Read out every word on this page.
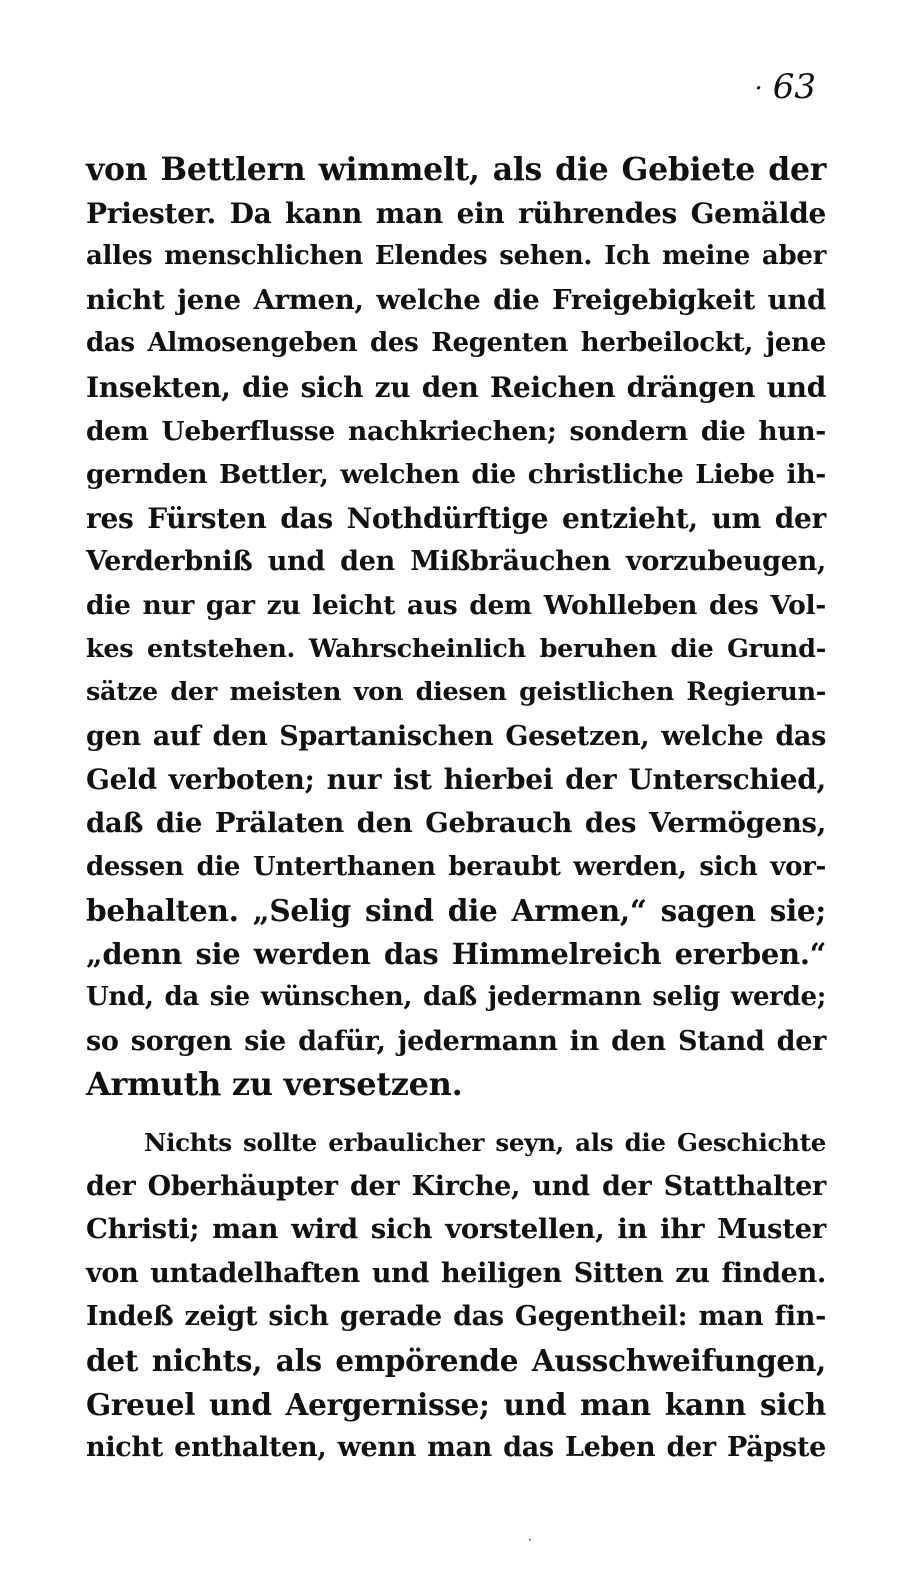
· 63
von Bettlern wimmelt, als die Gebiete der
Priester. Da kann man ein rührendes Gemälde
alles menschlichen Elendes sehen. Ich meine aber
nicht jene Armen, welche die Freigebigkeit und
das Almosengeben des Regenten herbeilockt, jene
Insekten, die sich zu den Reichen drängen und
dem Ueberflusse nachkriechen; sondern die hun-
gernden Bettler, welchen die christliche Liebe ih-
res Fürsten das Nothdürftige entzieht, um der
Verderbniß und den Mißbräuchen vorzubeugen,
die nur gar zu leicht aus dem Wohlleben des Vol-
kes entstehen. Wahrscheinlich beruhen die Grund-
sätze der meisten von diesen geistlichen Regierun-
gen auf den Spartanischen Gesetzen, welche das
Geld verboten; nur ist hierbei der Unterschied,
daß die Prälaten den Gebrauch des Vermögens,
dessen die Unterthanen beraubt werden, sich vor-
behalten. „Selig sind die Armen,“ sagen sie;
„denn sie werden das Himmelreich ererben.“
Und, da sie wünschen, daß jedermann selig werde;
so sorgen sie dafür, jedermann in den Stand der
Armuth zu versetzen.
Nichts sollte erbaulicher seyn, als die Geschichte
der Oberhäupter der Kirche, und der Statthalter
Christi; man wird sich vorstellen, in ihr Muster
von untadelhaften und heiligen Sitten zu finden.
Indeß zeigt sich gerade das Gegentheil: man fin-
det nichts, als empörende Ausschweifungen,
Greuel und Aergernisse; und man kann sich
nicht enthalten, wenn man das Leben der Päpste
·
